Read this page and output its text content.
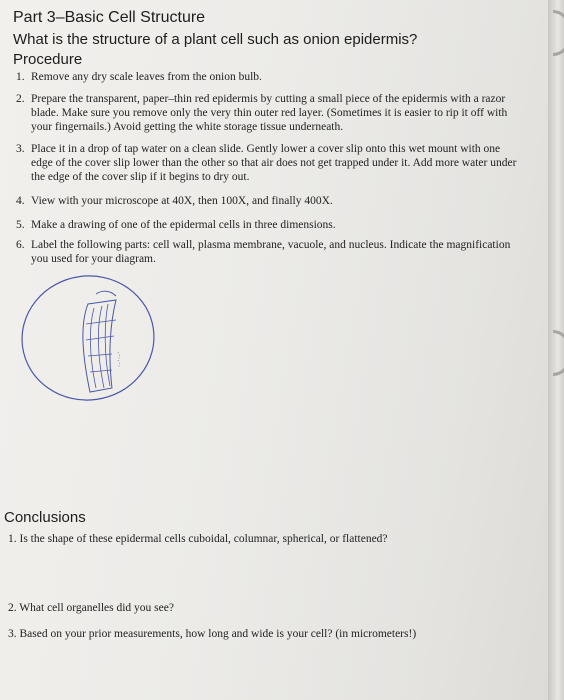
Part 3–Basic Cell Structure
What is the structure of a plant cell such as onion epidermis?
Procedure
1. Remove any dry scale leaves from the onion bulb.
2. Prepare the transparent, paper–thin red epidermis by cutting a small piece of the epidermis with a razor blade. Make sure you remove only the very thin outer red layer. (Sometimes it is easier to rip it off with your fingernails.) Avoid getting the white storage tissue underneath.
3. Place it in a drop of tap water on a clean slide. Gently lower a cover slip onto this wet mount with one edge of the cover slip lower than the other so that air does not get trapped under it. Add more water under the edge of the cover slip if it begins to dry out.
4. View with your microscope at 40X, then 100X, and finally 400X.
5. Make a drawing of one of the epidermal cells in three dimensions.
6. Label the following parts: cell wall, plasma membrane, vacuole, and nucleus. Indicate the magnification you used for your diagram.
Conclusions
1. Is the shape of these epidermal cells cuboidal, columnar, spherical, or flattened?
2. What cell organelles did you see?
3. Based on your prior measurements, how long and wide is your cell? (in micrometers!)
